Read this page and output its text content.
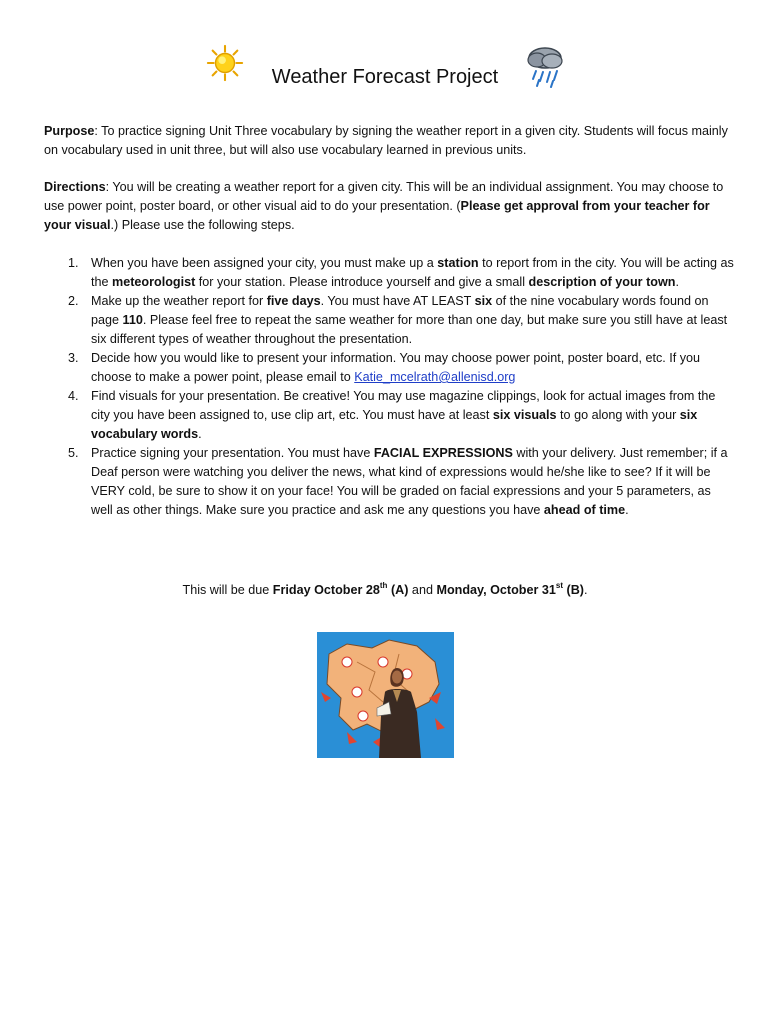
Weather Forecast Project
Purpose: To practice signing Unit Three vocabulary by signing the weather report in a given city. Students will focus mainly on vocabulary used in unit three, but will also use vocabulary learned in previous units.
Directions: You will be creating a weather report for a given city. This will be an individual assignment. You may choose to use power point, poster board, or other visual aid to do your presentation. (Please get approval from your teacher for your visual.) Please use the following steps.
1. When you have been assigned your city, you must make up a station to report from in the city. You will be acting as the meteorologist for your station. Please introduce yourself and give a small description of your town.
2. Make up the weather report for five days. You must have AT LEAST six of the nine vocabulary words found on page 110. Please feel free to repeat the same weather for more than one day, but make sure you still have at least six different types of weather throughout the presentation.
3. Decide how you would like to present your information. You may choose power point, poster board, etc. If you choose to make a power point, please email to Katie_mcelrath@allenisd.org
4. Find visuals for your presentation. Be creative! You may use magazine clippings, look for actual images from the city you have been assigned to, use clip art, etc. You must have at least six visuals to go along with your six vocabulary words.
5. Practice signing your presentation. You must have FACIAL EXPRESSIONS with your delivery. Just remember; if a Deaf person were watching you deliver the news, what kind of expressions would he/she like to see? If it will be VERY cold, be sure to show it on your face! You will be graded on facial expressions and your 5 parameters, as well as other things. Make sure you practice and ask me any questions you have ahead of time.
This will be due Friday October 28th (A) and Monday, October 31st (B).
